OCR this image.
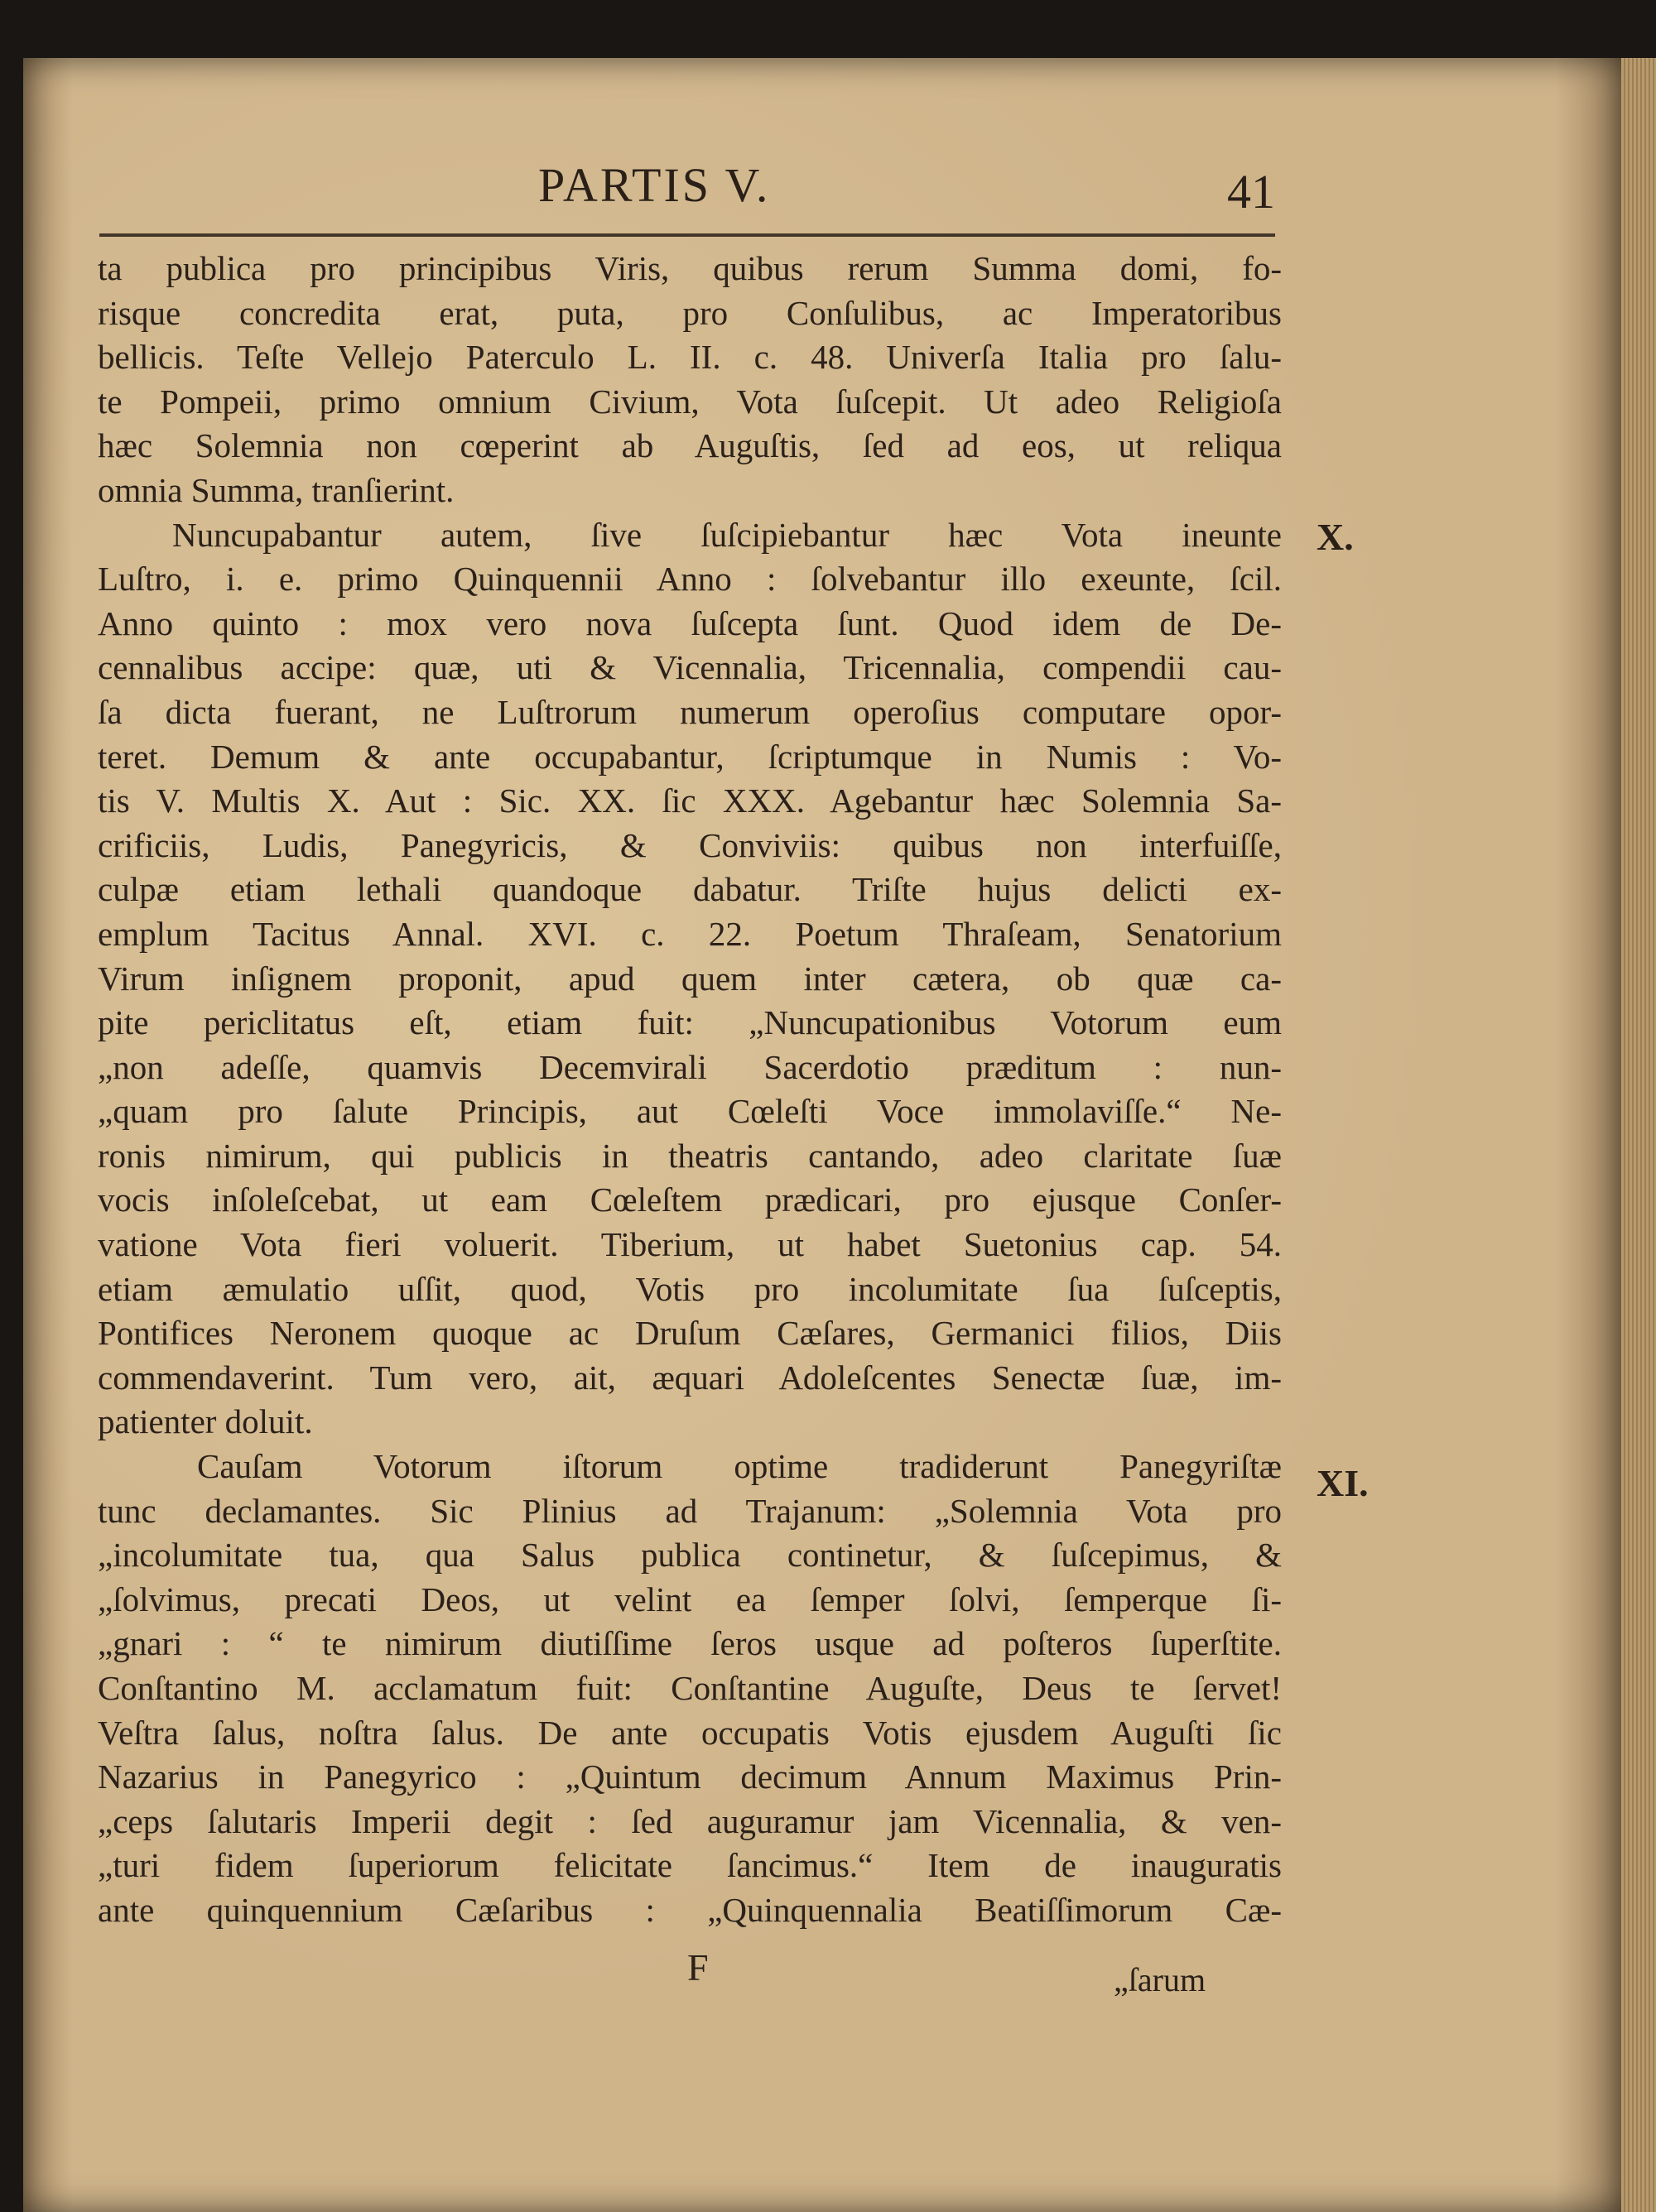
PARTIS V.	41
X.
XI.
ta publica pro principibus Viris, quibus rerum Summa domi, fo-
risque concredita erat, puta, pro Conſulibus, ac Imperatoribus
bellicis. Teſte Vellejo Paterculo L. II. c. 48. Univerſa Italia pro ſalu-
te Pompeii, primo omnium Civium, Vota ſuſcepit. Ut adeo Religioſa
hæc Solemnia non cœperint ab Auguſtis, ſed ad eos, ut reliqua
omnia Summa, tranſierint.
Nuncupabantur autem, ſive ſuſcipiebantur hæc Vota ineunte
Luſtro, i. e. primo Quinquennii Anno : ſolvebantur illo exeunte, ſcil.
Anno quinto : mox vero nova ſuſcepta ſunt. Quod idem de De-
cennalibus accipe: quæ, uti & Vicennalia, Tricennalia, compendii cau-
ſa dicta fuerant, ne Luſtrorum numerum operoſius computare opor-
teret. Demum & ante occupabantur, ſcriptumque in Numis : Vo-
tis V. Multis X. Aut : Sic. XX. ſic XXX. Agebantur hæc Solemnia Sa-
crificiis, Ludis, Panegyricis, & Conviviis: quibus non interfuiſſe,
culpæ etiam lethali quandoque dabatur. Triſte hujus delicti ex-
emplum Tacitus Annal. XVI. c. 22. Poetum Thraſeam, Senatorium
Virum inſignem proponit, apud quem inter cætera, ob quæ ca-
pite periclitatus eſt, etiam fuit: „Nuncupationibus Votorum eum
„non adeſſe, quamvis Decemvirali Sacerdotio præditum : nun-
„quam pro ſalute Principis, aut Cœleſti Voce immolaviſſe.“ Ne-
ronis nimirum, qui publicis in theatris cantando, adeo claritate ſuæ
vocis inſoleſcebat, ut eam Cœleſtem prædicari, pro ejusque Conſer-
vatione Vota fieri voluerit. Tiberium, ut habet Suetonius cap. 54.
etiam æmulatio uſſit, quod, Votis pro incolumitate ſua ſuſceptis,
Pontifices Neronem quoque ac Druſum Cæſares, Germanici filios, Diis
commendaverint. Tum vero, ait, æquari Adoleſcentes Senectæ ſuæ, im-
patienter doluit.
Cauſam Votorum iſtorum optime tradiderunt Panegyriſtæ
tunc declamantes. Sic Plinius ad Trajanum: „Solemnia Vota pro
„incolumitate tua, qua Salus publica continetur, & ſuſcepimus, &
„ſolvimus, precati Deos, ut velint ea ſemper ſolvi, ſemperque ſi-
„gnari : “ te nimirum diutiſſime ſeros usque ad poſteros ſuperſtite.
Conſtantino M. acclamatum fuit: Conſtantine Auguſte, Deus te ſervet!
Veſtra ſalus, noſtra ſalus. De ante occupatis Votis ejusdem Auguſti ſic
Nazarius in Panegyrico : „Quintum decimum Annum Maximus Prin-
„ceps ſalutaris Imperii degit : ſed auguramur jam Vicennalia, & ven-
„turi fidem ſuperiorum felicitate ſancimus.“ Item de inauguratis
ante quinquennium Cæſaribus : „Quinquennalia Beatiſſimorum Cæ-
F	„ſarum
